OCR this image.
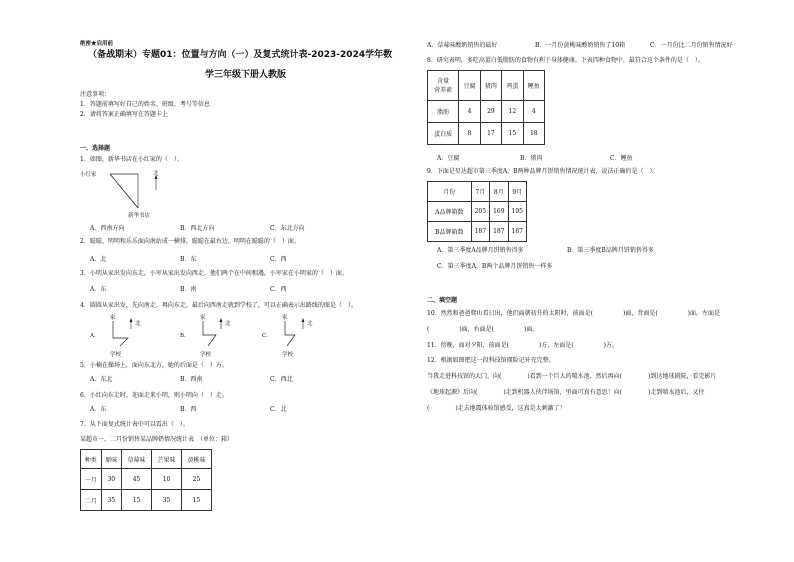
绝密★启用前
（备战期末）专题01：位置与方向（一）及复式统计表-2023-2024学年数
学三年级下册人教版
注意事项：
1．答题前填写好自己的姓名、班级、考号等信息
2．请将答案正确填写在答题卡上
一、选择题
1．如图，新华书店在小红家的（　）。
小红家	北
新华书店
A．西南方向	B．西北方向	C．东北方向
2．聪聪、明明和乐乐面向南站成一横排，聪聪在最右边，明明在聪聪的（　）面。
A．北	B．东	C．西
3．小明从家出发向东走，小军从家出发向西走，他们两个在中间相遇，小军家在小明家的（　）面。
A．东	B．南	C．西
4．圆圆从家出发，先向南走，再向东走，最后向西南走就到学校了，可以正确表示出路线的图是（　）。
A．
家
北
学校
B．
家
北
学校
C．
家
北
学校
5．小楠在操场上，面向东北方，她的后面是（　）方。
A．东北	B．西南	C．西北
6．小红向东走时，迎面走来小明，则小明向（　）走。
A．东	B．西	C．北
7．从下面复式统计表中可以看出（　）。
某超市一、二月份销售某品牌奶情况统计表　（单位：箱）
种类	原味	草莓味	芒果味	黄桃味
一月	30	45	10	25
二月	35	15	35	15
A．草莓味酸奶销售的最好	B．一月份黄桃味酸奶销售了10箱	C．一月份比二月份销售情况好
8．研究表明，多吃高蛋白低脂肪的食物有利于身体健康。下表四种食物中，最符合这个条件的是（　）。
含量
营养素	豆腐	猪肉	鸡蛋	鲤鱼
脂肪	4	29	12	4
蛋白质	8	17	15	18
A．豆腐	B．猪肉	C．鲤鱼
9．下面是星达超市第三季度A、B两种品牌月饼销售情况统计表，说法正确的是（　）。
月份	7月	8月	9月
A品牌箱数	205	169	195
B品牌箱数	187	187	187
A．第三季度A品牌月饼销售得多	B．第三季度B品牌月饼销售得多
C．第三季度A、B两个品牌月饼销售一样多
二、填空题
10．然然和爸爸爬山看日出，他们面朝初升的太阳时，前面是(	)面，背面是(	)面，左面是
(	)面，右面是(	)面。
11．傍晚，面对夕阳，前面是(	)方，左面是(	)方。
12．根据如图把这一段科技馆探险记补充完整。
当我走进科技馆的大门，向(	)看到一个巨大的喷水池，然后再向(	)到达地球剧院，看完影片
《地球起源》后向(	)走到机器人伙伴场馆，里面可真有意思！向(	)走到喷水池后，又往
(	)走去地震体验馆感受，这真是太刺激了！
